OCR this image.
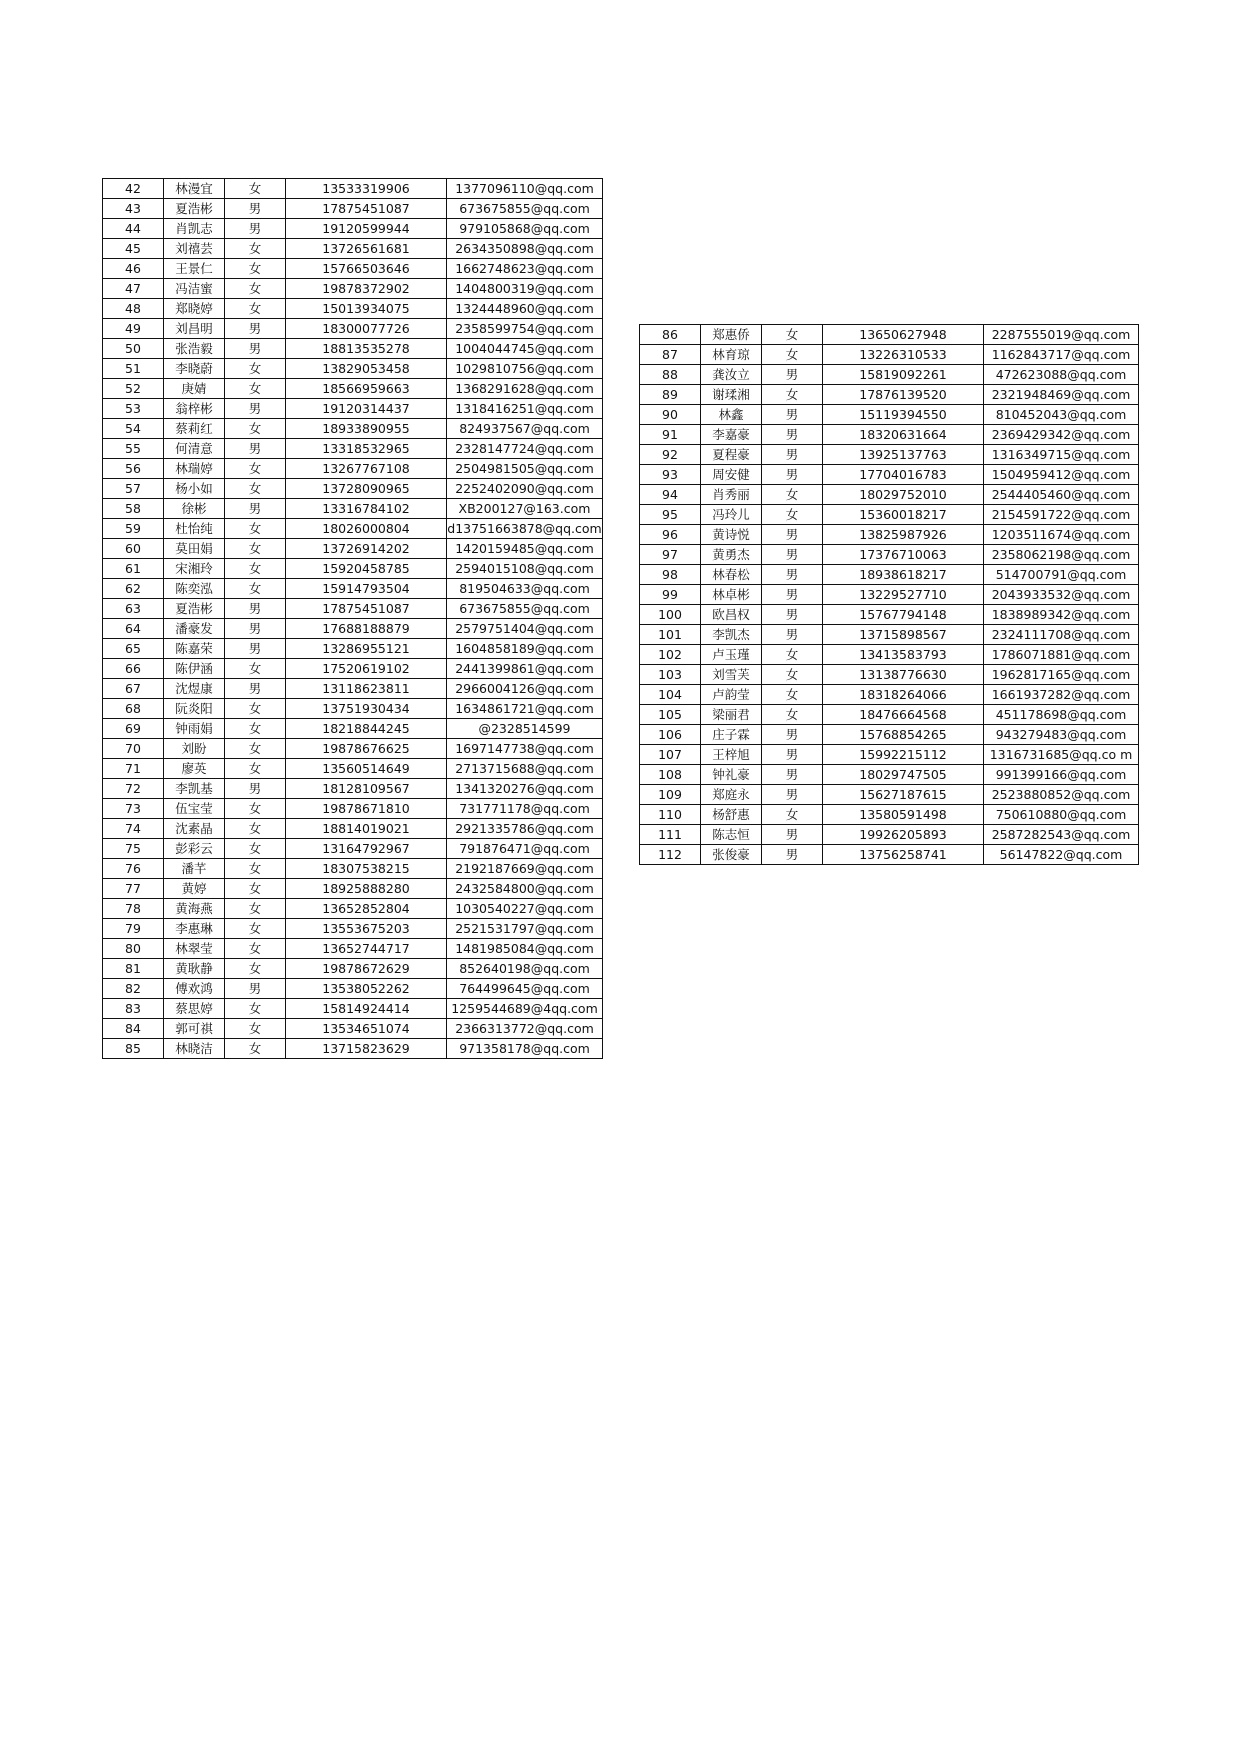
42	林漫宜	女	13533319906	1377096110@qq.com
43	夏浩彬	男	17875451087	673675855@qq.com
44	肖凯志	男	19120599944	979105868@qq.com
45	刘禧芸	女	13726561681	2634350898@qq.com
46	王景仁	女	15766503646	1662748623@qq.com
47	冯洁蜜	女	19878372902	1404800319@qq.com
48	郑晓婷	女	15013934075	1324448960@qq.com
49	刘昌明	男	18300077726	2358599754@qq.com
50	张浩毅	男	18813535278	1004044745@qq.com
51	李晓蔚	女	13829053458	1029810756@qq.com
52	庚婧	女	18566959663	1368291628@qq.com
53	翁梓彬	男	19120314437	1318416251@qq.com
54	蔡莉红	女	18933890955	824937567@qq.com
55	何清意	男	13318532965	2328147724@qq.com
56	林瑞婷	女	13267767108	2504981505@qq.com
57	杨小如	女	13728090965	2252402090@qq.com
58	徐彬	男	13316784102	XB200127@163.com
59	杜怡纯	女	18026000804	d13751663878@qq.com
60	莫田娟	女	13726914202	1420159485@qq.com
61	宋湘玲	女	15920458785	2594015108@qq.com
62	陈奕泓	女	15914793504	819504633@qq.com
63	夏浩彬	男	17875451087	673675855@qq.com
64	潘豪发	男	17688188879	2579751404@qq.com
65	陈嘉荣	男	13286955121	1604858189@qq.com
66	陈伊涵	女	17520619102	2441399861@qq.com
67	沈煜康	男	13118623811	2966004126@qq.com
68	阮炎阳	女	13751930434	1634861721@qq.com
69	钟雨娟	女	18218844245	@2328514599
70	刘盼	女	19878676625	1697147738@qq.com
71	廖英	女	13560514649	2713715688@qq.com
72	李凯基	男	18128109567	1341320276@qq.com
73	伍宝莹	女	19878671810	731771178@qq.com
74	沈素晶	女	18814019021	2921335786@qq.com
75	彭彩云	女	13164792967	791876471@qq.com
76	潘芊	女	18307538215	2192187669@qq.com
77	黄婷	女	18925888280	2432584800@qq.com
78	黄海燕	女	13652852804	1030540227@qq.com
79	李惠琳	女	13553675203	2521531797@qq.com
80	林翠莹	女	13652744717	1481985084@qq.com
81	黄耿静	女	19878672629	852640198@qq.com
82	傅欢鸿	男	13538052262	764499645@qq.com
83	蔡思婷	女	15814924414	1259544689@4qq.com
84	郭可祺	女	13534651074	2366313772@qq.com
85	林晓洁	女	13715823629	971358178@qq.com
86	郑惠侨	女	13650627948	2287555019@qq.com
87	林育琼	女	13226310533	1162843717@qq.com
88	龚汝立	男	15819092261	472623088@qq.com
89	谢瑈湘	女	17876139520	2321948469@qq.com
90	林鑫	男	15119394550	810452043@qq.com
91	李嘉豪	男	18320631664	2369429342@qq.com
92	夏程豪	男	13925137763	1316349715@qq.com
93	周安健	男	17704016783	1504959412@qq.com
94	肖秀丽	女	18029752010	2544405460@qq.com
95	冯玲儿	女	15360018217	2154591722@qq.com
96	黄诗悦	男	13825987926	1203511674@qq.com
97	黄勇杰	男	17376710063	2358062198@qq.com
98	林春松	男	18938618217	514700791@qq.com
99	林卓彬	男	13229527710	2043933532@qq.com
100	欧昌权	男	15767794148	1838989342@qq.com
101	李凯杰	男	13715898567	2324111708@qq.com
102	卢玉瑾	女	13413583793	1786071881@qq.com
103	刘雪芙	女	13138776630	1962817165@qq.com
104	卢韵莹	女	18318264066	1661937282@qq.com
105	梁丽君	女	18476664568	451178698@qq.com
106	庄子霖	男	15768854265	943279483@qq.com
107	王梓旭	男	15992215112	1316731685@qq.co m
108	钟礼豪	男	18029747505	991399166@qq.com
109	郑庭永	男	15627187615	2523880852@qq.com
110	杨舒惠	女	13580591498	750610880@qq.com
111	陈志恒	男	19926205893	2587282543@qq.com
112	张俊豪	男	13756258741	56147822@qq.com
